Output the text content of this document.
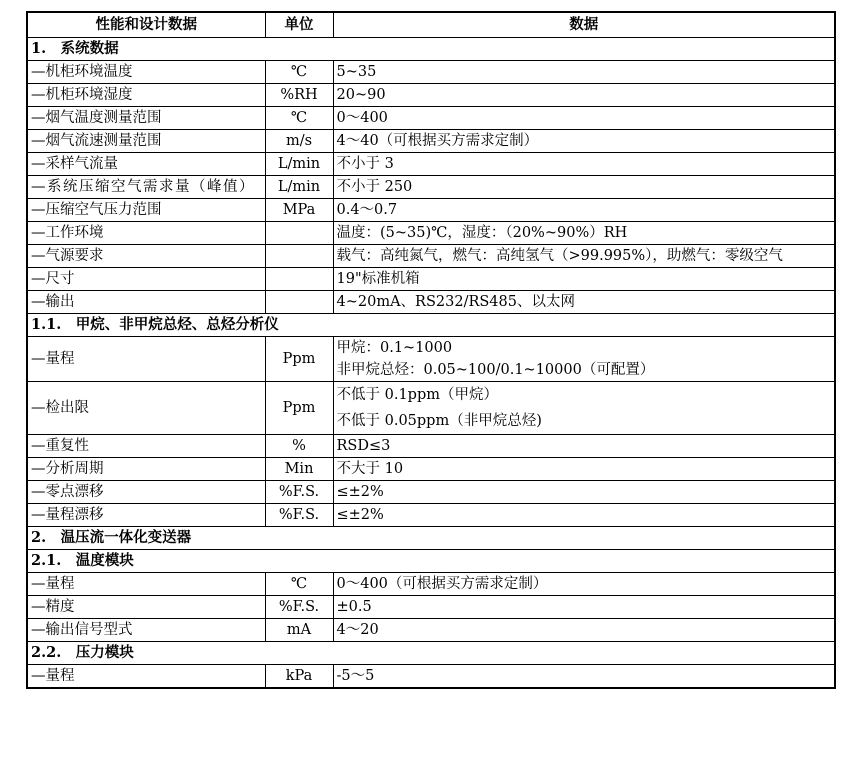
性能和设计数据	单位	数据
1.　系统数据		
—机柜环境温度	℃	5~35
—机柜环境湿度	%RH	20~90
—烟气温度测量范围	℃	0～400
—烟气流速测量范围	m/s	4～40（可根据买方需求定制）
—采样气流量	L/min	不小于 3
—系统压缩空气需求量（峰值）	L/min	不小于 250
—压缩空气压力范围	MPa	0.4～0.7
—工作环境		温度：(5~35)℃，湿度：（20%~90%）RH
—气源要求		载气：高纯氮气，燃气：高纯氢气（>99.995%），助燃气：零级空气
—尺寸		19"标准机箱
—输出		4~20mA、RS232/RS485、以太网
1.1.　甲烷、非甲烷总烃、总烃分析仪		
—量程	Ppm	甲烷：0.1~1000
非甲烷总烃：0.05~100/0.1~10000（可配置）

—检出限	Ppm	不低于 0.1ppm（甲烷）
不低于 0.05ppm（非甲烷总烃)

—重复性	%	RSD≤3
—分析周期	Min	不大于 10
—零点漂移	%F.S.	≤±2%
—量程漂移	%F.S.	≤±2%
2.　温压流一体化变送器		
2.1.　温度模块		
—量程	℃	0～400（可根据买方需求定制）
—精度	%F.S.	±0.5
—输出信号型式	mA	4～20
2.2.　压力模块		
—量程	kPa	-5～5
